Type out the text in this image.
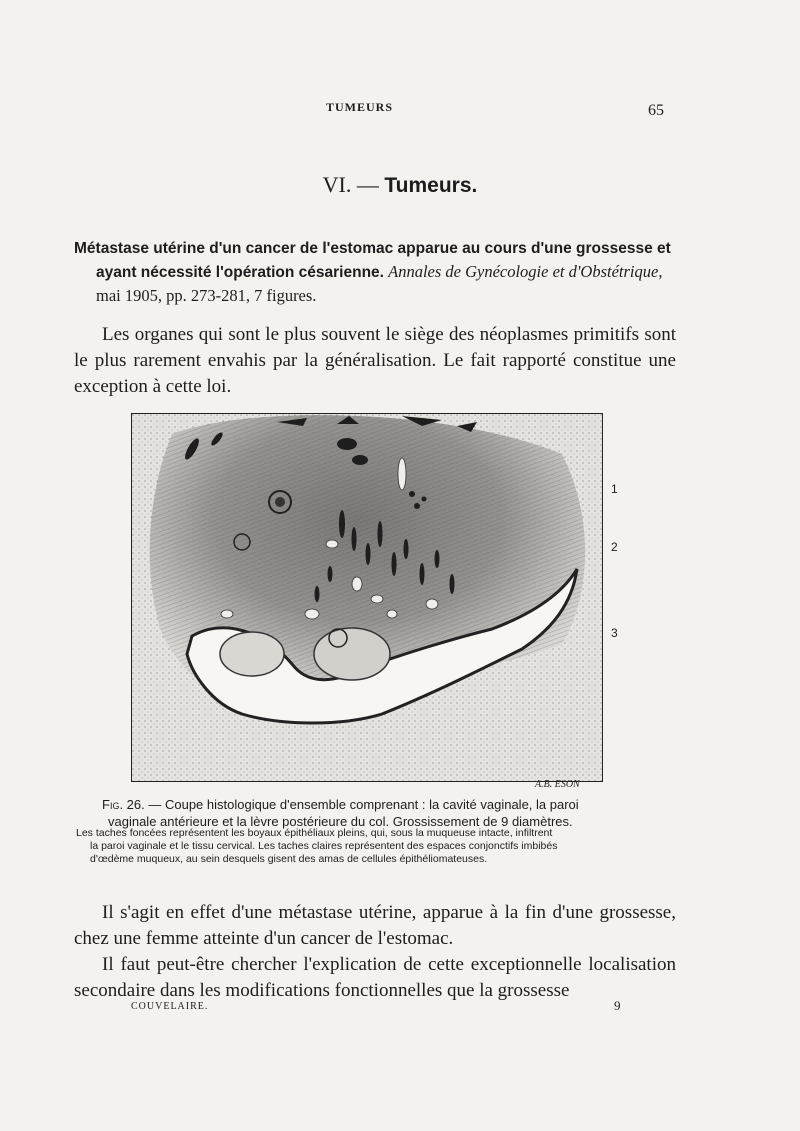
TUMEURS	65
VI. — Tumeurs.
Métastase utérine d'un cancer de l'estomac apparue au cours d'une grossesse et
ayant nécessité l'opération césarienne. Annales de Gynécologie et d'Obstétrique,
mai 1905, pp. 273-281, 7 figures.
Les organes qui sont le plus souvent le siège des néoplasmes primitifs sont le plus rarement envahis par la généralisation. Le fait rapporté constitue une exception à cette loi.
1
2
3
A.B. ESON
Fig. 26. — Coupe histologique d'ensemble comprenant : la cavité vaginale, la paroi
vaginale antérieure et la lèvre postérieure du col. Grossissement de 9 diamètres.
Les taches foncées représentent les boyaux épithéliaux pleins, qui, sous la muqueuse intacte, infiltrent
la paroi vaginale et le tissu cervical. Les taches claires représentent des espaces conjonctifs imbibés
d'œdème muqueux, au sein desquels gisent des amas de cellules épithéliomateuses.
Il s'agit en effet d'une métastase utérine, apparue à la fin d'une grossesse, chez une femme atteinte d'un cancer de l'estomac.
Il faut peut-être chercher l'explication de cette exceptionnelle localisation secondaire dans les modifications fonctionnelles que la grossesse
COUVELAIRE.	9
